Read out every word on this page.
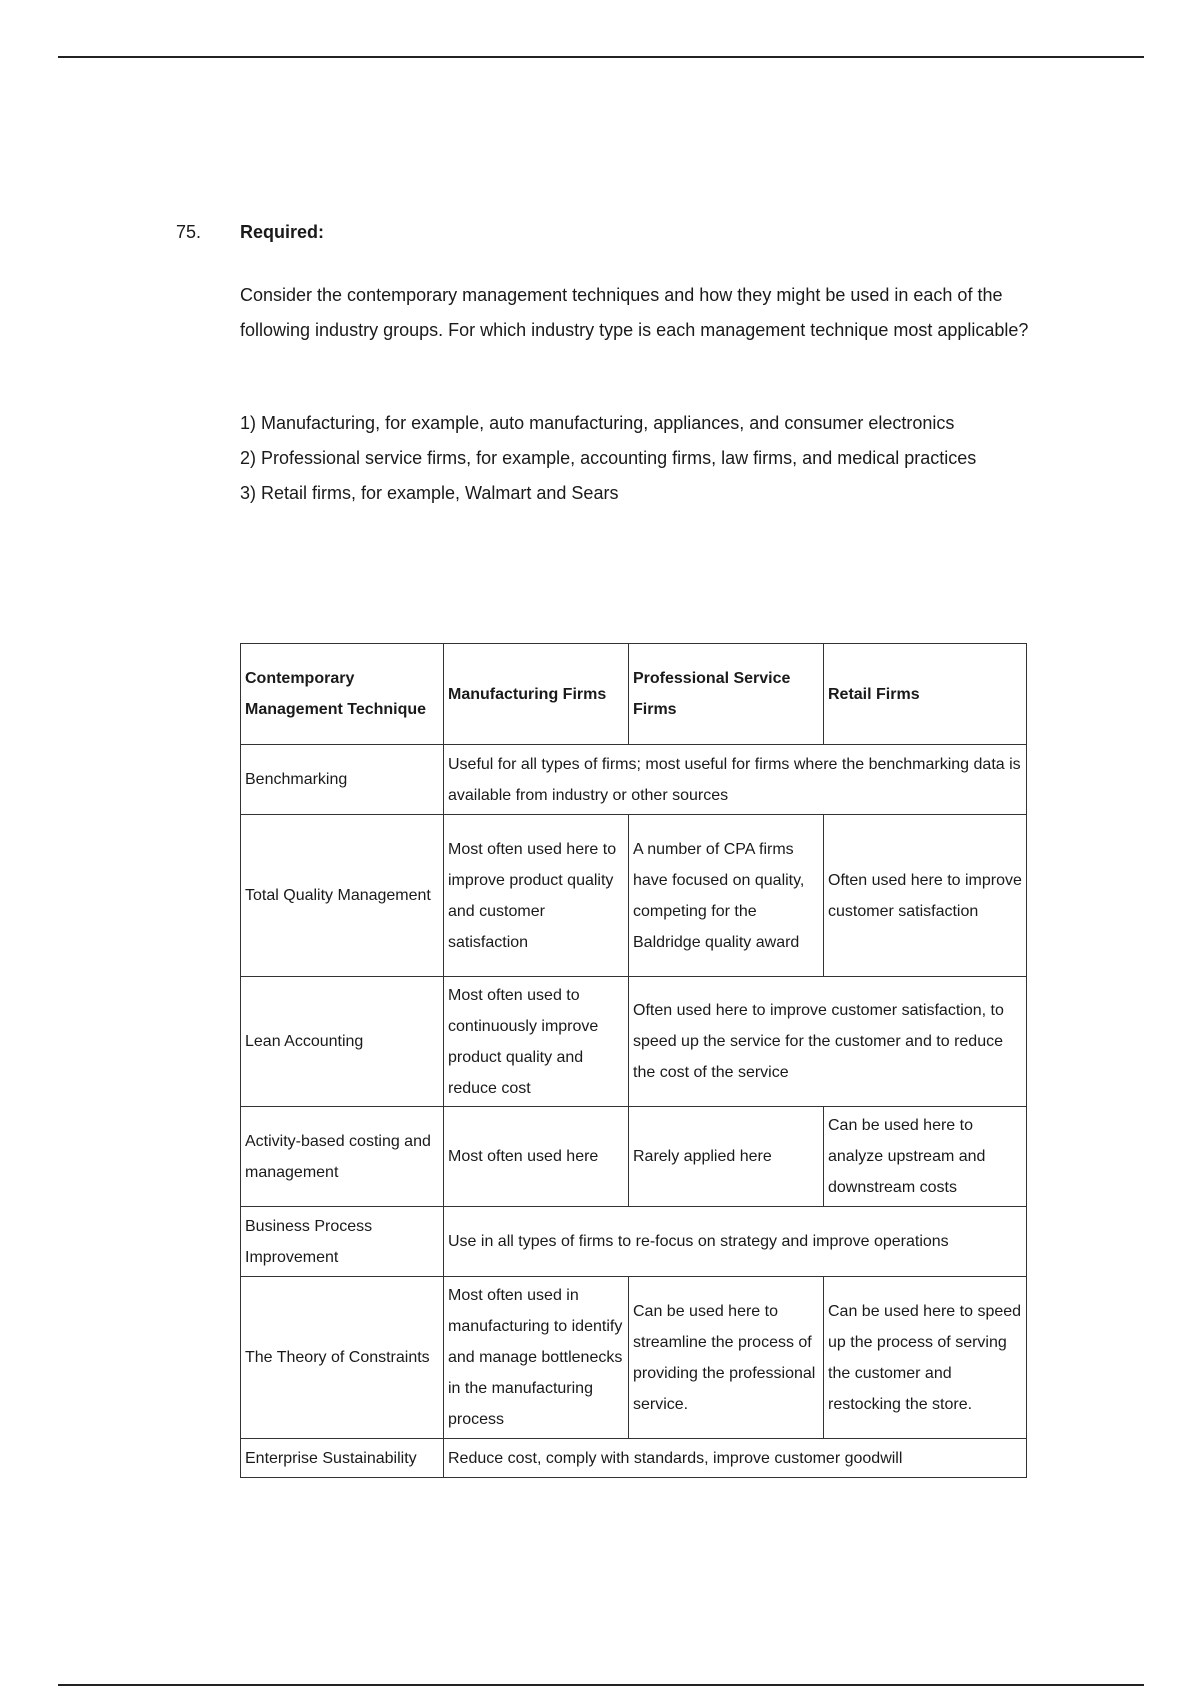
75. Required:

Consider the contemporary management techniques and how they might be used in each of the following industry groups. For which industry type is each management technique most applicable?

1) Manufacturing, for example, auto manufacturing, appliances, and consumer electronics
2) Professional service firms, for example, accounting firms, law firms, and medical practices
3) Retail firms, for example, Walmart and Sears
Contemporary Management Technique	Manufacturing Firms	Professional Service Firms	Retail Firms
Benchmarking	Useful for all types of firms; most useful for firms where the benchmarking data is available from industry or other sources		
Total Quality Management	Most often used here to improve product quality and customer satisfaction	A number of CPA firms have focused on quality, competing for the Baldridge quality award	Often used here to improve customer satisfaction
Lean Accounting	Most often used to continuously improve product quality and reduce cost	Often used here to improve customer satisfaction, to speed up the service for the customer and to reduce the cost of the service	
Activity-based costing and management	Most often used here	Rarely applied here	Can be used here to analyze upstream and downstream costs
Business Process Improvement	Use in all types of firms to re-focus on strategy and improve operations		
The Theory of Constraints	Most often used in manufacturing to identify and manage bottlenecks in the manufacturing process	Can be used here to streamline the process of providing the professional service.	Can be used here to speed up the process of serving the customer and restocking the store.
Enterprise Sustainability	Reduce cost, comply with standards, improve customer goodwill		
